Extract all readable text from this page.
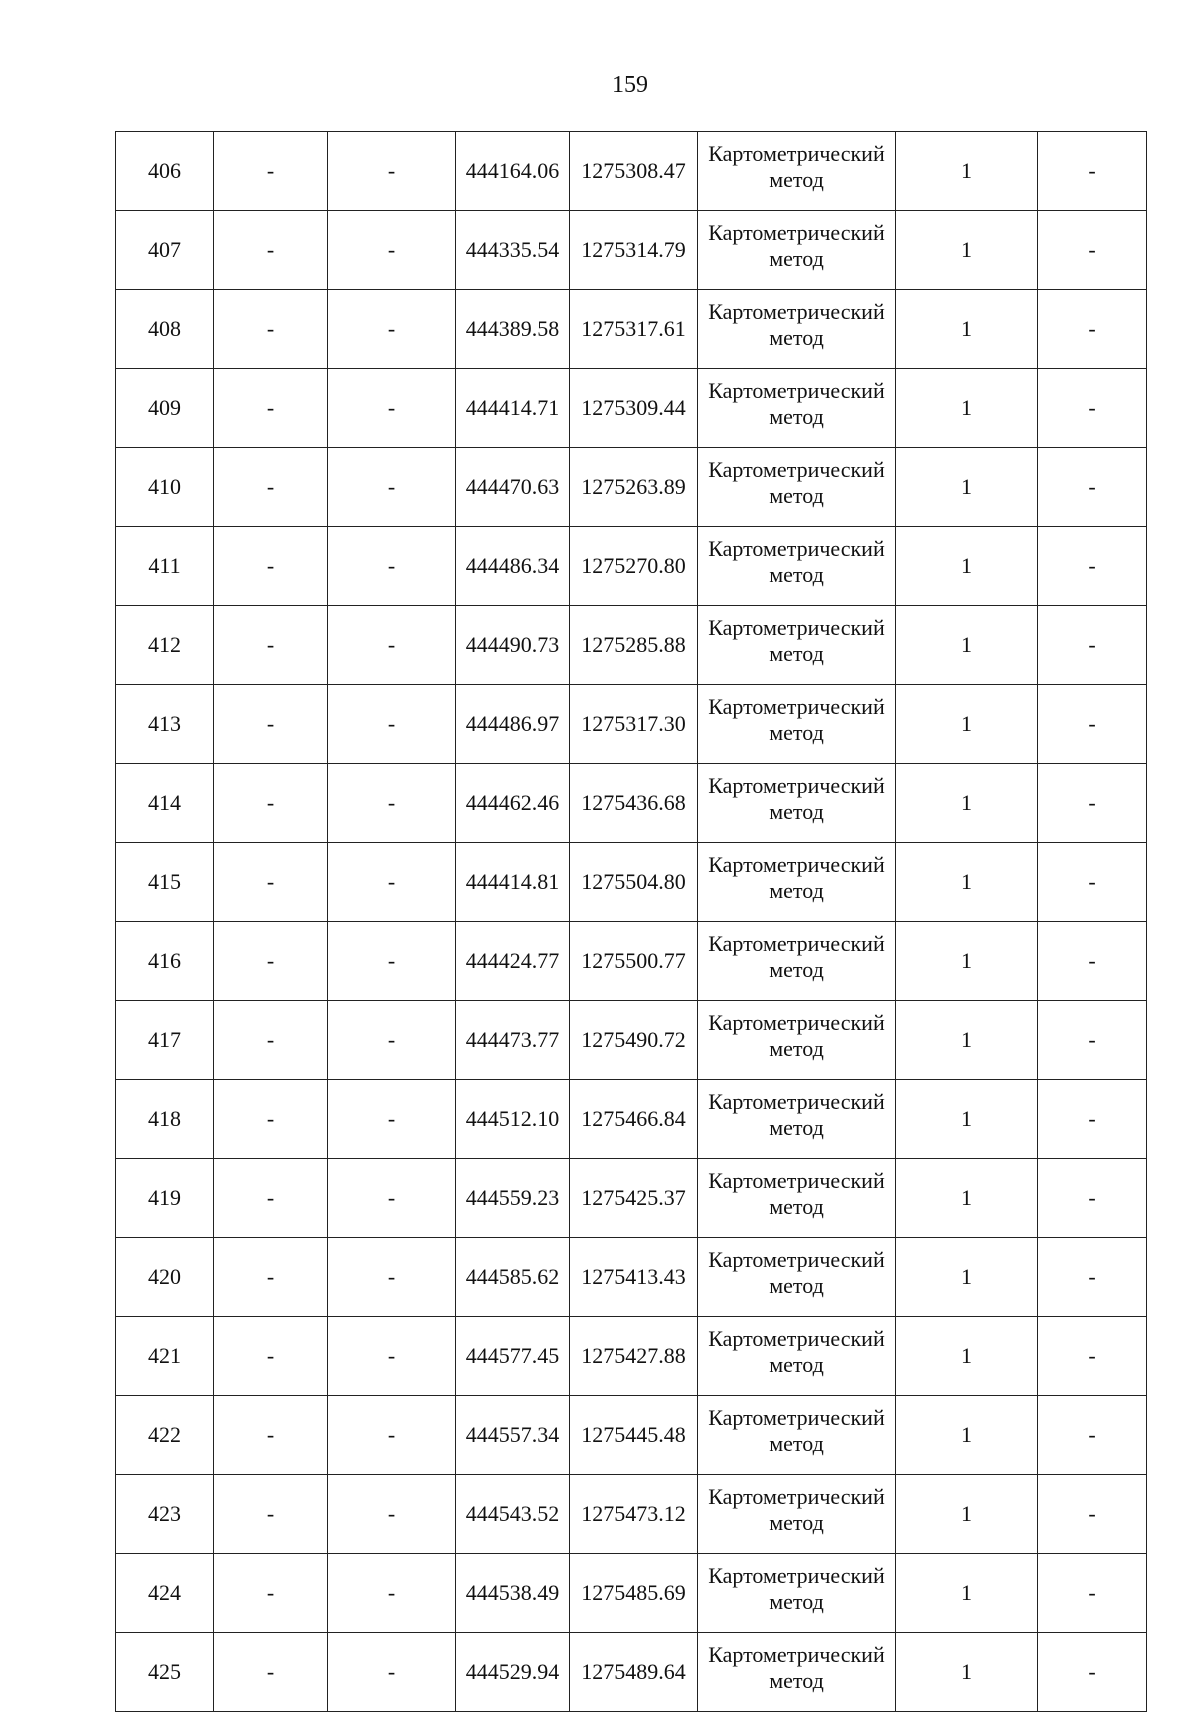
159
406	-	-	444164.06	1275308.47	Картометрический
метод	1	-
407	-	-	444335.54	1275314.79	Картометрический
метод	1	-
408	-	-	444389.58	1275317.61	Картометрический
метод	1	-
409	-	-	444414.71	1275309.44	Картометрический
метод	1	-
410	-	-	444470.63	1275263.89	Картометрический
метод	1	-
411	-	-	444486.34	1275270.80	Картометрический
метод	1	-
412	-	-	444490.73	1275285.88	Картометрический
метод	1	-
413	-	-	444486.97	1275317.30	Картометрический
метод	1	-
414	-	-	444462.46	1275436.68	Картометрический
метод	1	-
415	-	-	444414.81	1275504.80	Картометрический
метод	1	-
416	-	-	444424.77	1275500.77	Картометрический
метод	1	-
417	-	-	444473.77	1275490.72	Картометрический
метод	1	-
418	-	-	444512.10	1275466.84	Картометрический
метод	1	-
419	-	-	444559.23	1275425.37	Картометрический
метод	1	-
420	-	-	444585.62	1275413.43	Картометрический
метод	1	-
421	-	-	444577.45	1275427.88	Картометрический
метод	1	-
422	-	-	444557.34	1275445.48	Картометрический
метод	1	-
423	-	-	444543.52	1275473.12	Картометрический
метод	1	-
424	-	-	444538.49	1275485.69	Картометрический
метод	1	-
425	-	-	444529.94	1275489.64	Картометрический
метод	1	-
